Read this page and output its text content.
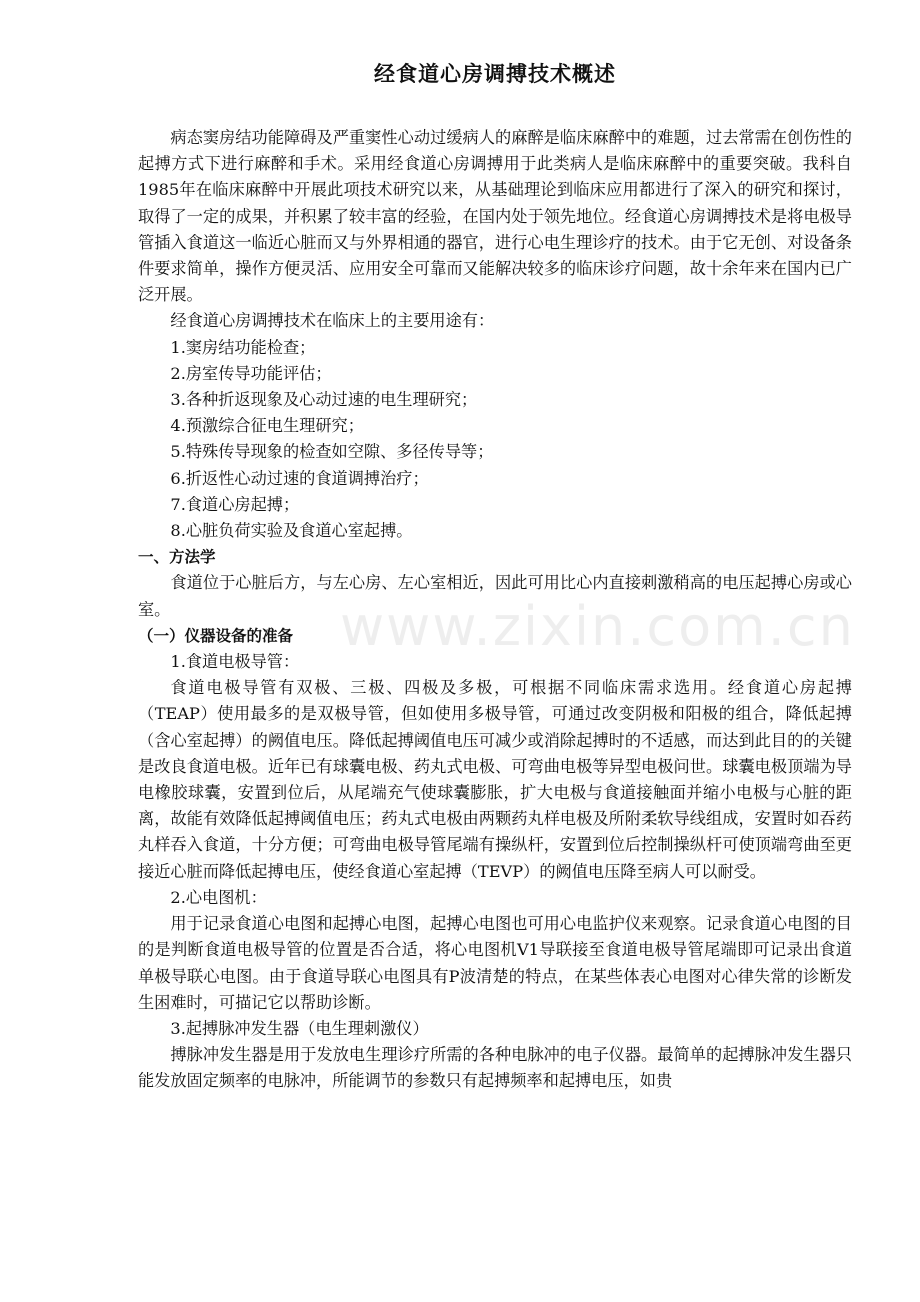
经食道心房调搏技术概述
www.zixin.com.cn

病态窦房结功能障碍及严重窦性心动过缓病人的麻醉是临床麻醉中的难题，过去常需在创伤性的起搏方式下进行麻醉和手术。采用经食道心房调搏用于此类病人是临床麻醉中的重要突破。我科自1985年在临床麻醉中开展此项技术研究以来，从基础理论到临床应用都进行了深入的研究和探讨，取得了一定的成果，并积累了较丰富的经验，在国内处于领先地位。经食道心房调搏技术是将电极导管插入食道这一临近心脏而又与外界相通的器官，进行心电生理诊疗的技术。由于它无创、对设备条件要求简单，操作方便灵活、应用安全可靠而又能解决较多的临床诊疗问题，故十余年来在国内已广泛开展。

经食道心房调搏技术在临床上的主要用途有：

1.窦房结功能检查；

2.房室传导功能评估；

3.各种折返现象及心动过速的电生理研究；

4.预激综合征电生理研究；

5.特殊传导现象的检查如空隙、多径传导等；

6.折返性心动过速的食道调搏治疗；

7.食道心房起搏；

8.心脏负荷实验及食道心室起搏。

一、方法学

食道位于心脏后方，与左心房、左心室相近，因此可用比心内直接刺激稍高的电压起搏心房或心室。

（一）仪器设备的准备

1.食道电极导管：

食道电极导管有双极、三极、四极及多极，可根据不同临床需求选用。经食道心房起搏（TEAP）使用最多的是双极导管，但如使用多极导管，可通过改变阴极和阳极的组合，降低起搏（含心室起搏）的阙值电压。降低起搏阈值电压可减少或消除起搏时的不适感，而达到此目的的关键是改良食道电极。近年已有球囊电极、药丸式电极、可弯曲电极等异型电极问世。球囊电极顶端为导电橡胶球囊，安置到位后，从尾端充气使球囊膨胀，扩大电极与食道接触面并缩小电极与心脏的距离，故能有效降低起搏阈值电压；药丸式电极由两颗药丸样电极及所附柔软导线组成，安置时如吞药丸样吞入食道，十分方便；可弯曲电极导管尾端有操纵杆，安置到位后控制操纵杆可使顶端弯曲至更接近心脏而降低起搏电压，使经食道心室起搏（TEVP）的阙值电压降至病人可以耐受。

2.心电图机：

用于记录食道心电图和起搏心电图，起搏心电图也可用心电监护仪来观察。记录食道心电图的目的是判断食道电极导管的位置是否合适，将心电图机V1导联接至食道电极导管尾端即可记录出食道单极导联心电图。由于食道导联心电图具有P波清楚的特点，在某些体表心电图对心律失常的诊断发生困难时，可描记它以帮助诊断。

3.起搏脉冲发生器（电生理刺激仪）

搏脉冲发生器是用于发放电生理诊疗所需的各种电脉冲的电子仪器。最简单的起搏脉冲发生器只能发放固定频率的电脉冲，所能调节的参数只有起搏频率和起搏电压，如贵
